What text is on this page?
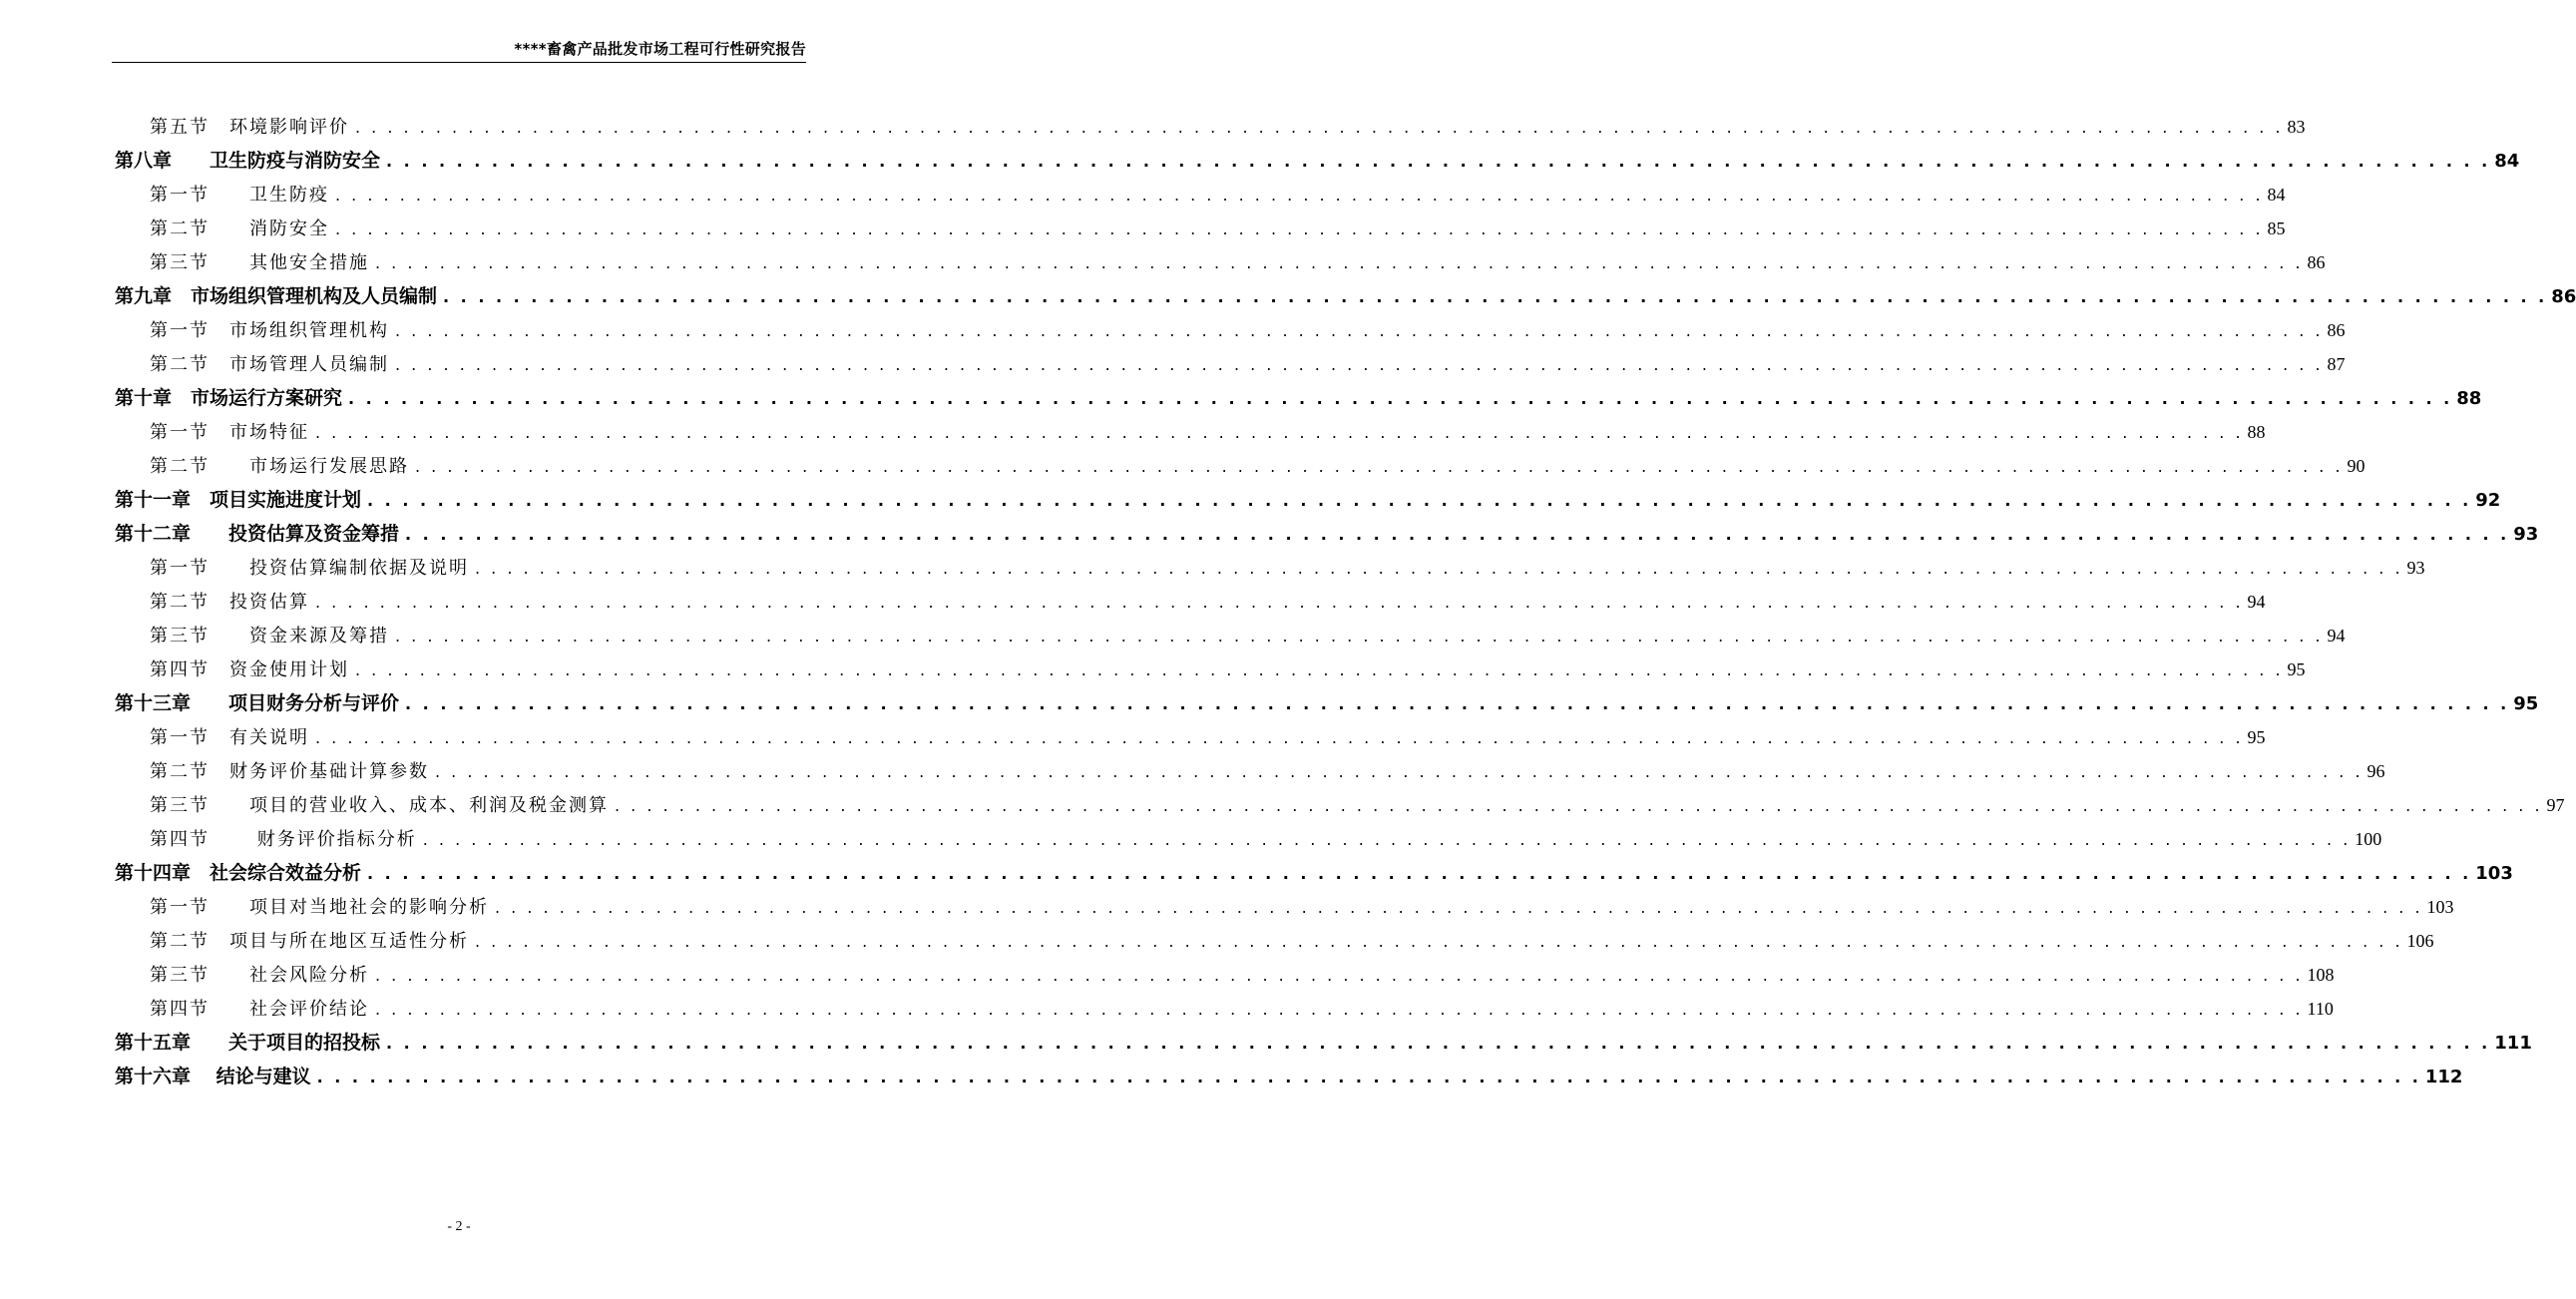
****畜禽产品批发市场工程可行性研究报告
第五节　环境影响评价 . . . . . . . . . . . . . . . . . . . . . . . . . . . . . . . . . . . . . . . . . . . . . . . . . . . . . . . . . . . . . . . . . . . . . . . . . . . . . . . . . . . . . . . . . . . . . . . . . . . . . . . . . . . . . . . . . . . . . . . . 83
第八章　　卫生防疫与消防安全 . . . . . . . . . . . . . . . . . . . . . . . . . . . . . . . . . . . . . . . . . . . . . . . . . . . . . . . . . . . . . . . . . . . . . . . . . . . . . . . . . . . . . . . . . . . . . . . . . . . . . . . . . . . . . . . . . . . . . . . . 84
第一节　　卫生防疫 . . . . . . . . . . . . . . . . . . . . . . . . . . . . . . . . . . . . . . . . . . . . . . . . . . . . . . . . . . . . . . . . . . . . . . . . . . . . . . . . . . . . . . . . . . . . . . . . . . . . . . . . . . . . . . . . . . . . . . . . 84
第二节　　消防安全 . . . . . . . . . . . . . . . . . . . . . . . . . . . . . . . . . . . . . . . . . . . . . . . . . . . . . . . . . . . . . . . . . . . . . . . . . . . . . . . . . . . . . . . . . . . . . . . . . . . . . . . . . . . . . . . . . . . . . . . . 85
第三节　　其他安全措施 . . . . . . . . . . . . . . . . . . . . . . . . . . . . . . . . . . . . . . . . . . . . . . . . . . . . . . . . . . . . . . . . . . . . . . . . . . . . . . . . . . . . . . . . . . . . . . . . . . . . . . . . . . . . . . . . . . . . . . . . 86
第九章　市场组织管理机构及人员编制 . . . . . . . . . . . . . . . . . . . . . . . . . . . . . . . . . . . . . . . . . . . . . . . . . . . . . . . . . . . . . . . . . . . . . . . . . . . . . . . . . . . . . . . . . . . . . . . . . . . . . . . . . . . . . . . . . . . . . . . . 86
第一节　市场组织管理机构 . . . . . . . . . . . . . . . . . . . . . . . . . . . . . . . . . . . . . . . . . . . . . . . . . . . . . . . . . . . . . . . . . . . . . . . . . . . . . . . . . . . . . . . . . . . . . . . . . . . . . . . . . . . . . . . . . . . . . . . . 86
第二节　市场管理人员编制 . . . . . . . . . . . . . . . . . . . . . . . . . . . . . . . . . . . . . . . . . . . . . . . . . . . . . . . . . . . . . . . . . . . . . . . . . . . . . . . . . . . . . . . . . . . . . . . . . . . . . . . . . . . . . . . . . . . . . . . . 87
第十章　市场运行方案研究 . . . . . . . . . . . . . . . . . . . . . . . . . . . . . . . . . . . . . . . . . . . . . . . . . . . . . . . . . . . . . . . . . . . . . . . . . . . . . . . . . . . . . . . . . . . . . . . . . . . . . . . . . . . . . . . . . . . . . . . . 88
第一节　市场特征 . . . . . . . . . . . . . . . . . . . . . . . . . . . . . . . . . . . . . . . . . . . . . . . . . . . . . . . . . . . . . . . . . . . . . . . . . . . . . . . . . . . . . . . . . . . . . . . . . . . . . . . . . . . . . . . . . . . . . . . . 88
第二节　　市场运行发展思路 . . . . . . . . . . . . . . . . . . . . . . . . . . . . . . . . . . . . . . . . . . . . . . . . . . . . . . . . . . . . . . . . . . . . . . . . . . . . . . . . . . . . . . . . . . . . . . . . . . . . . . . . . . . . . . . . . . . . . . . . 90
第十一章　项目实施进度计划 . . . . . . . . . . . . . . . . . . . . . . . . . . . . . . . . . . . . . . . . . . . . . . . . . . . . . . . . . . . . . . . . . . . . . . . . . . . . . . . . . . . . . . . . . . . . . . . . . . . . . . . . . . . . . . . . . . . . . . . . 92
第十二章　　投资估算及资金筹措 . . . . . . . . . . . . . . . . . . . . . . . . . . . . . . . . . . . . . . . . . . . . . . . . . . . . . . . . . . . . . . . . . . . . . . . . . . . . . . . . . . . . . . . . . . . . . . . . . . . . . . . . . . . . . . . . . . . . . . . . 93
第一节　　投资估算编制依据及说明 . . . . . . . . . . . . . . . . . . . . . . . . . . . . . . . . . . . . . . . . . . . . . . . . . . . . . . . . . . . . . . . . . . . . . . . . . . . . . . . . . . . . . . . . . . . . . . . . . . . . . . . . . . . . . . . . . . . . . . . . 93
第二节　投资估算 . . . . . . . . . . . . . . . . . . . . . . . . . . . . . . . . . . . . . . . . . . . . . . . . . . . . . . . . . . . . . . . . . . . . . . . . . . . . . . . . . . . . . . . . . . . . . . . . . . . . . . . . . . . . . . . . . . . . . . . . 94
第三节　　资金来源及筹措 . . . . . . . . . . . . . . . . . . . . . . . . . . . . . . . . . . . . . . . . . . . . . . . . . . . . . . . . . . . . . . . . . . . . . . . . . . . . . . . . . . . . . . . . . . . . . . . . . . . . . . . . . . . . . . . . . . . . . . . . 94
第四节　资金使用计划 . . . . . . . . . . . . . . . . . . . . . . . . . . . . . . . . . . . . . . . . . . . . . . . . . . . . . . . . . . . . . . . . . . . . . . . . . . . . . . . . . . . . . . . . . . . . . . . . . . . . . . . . . . . . . . . . . . . . . . . . 95
第十三章　　项目财务分析与评价 . . . . . . . . . . . . . . . . . . . . . . . . . . . . . . . . . . . . . . . . . . . . . . . . . . . . . . . . . . . . . . . . . . . . . . . . . . . . . . . . . . . . . . . . . . . . . . . . . . . . . . . . . . . . . . . . . . . . . . . . 95
第一节　有关说明 . . . . . . . . . . . . . . . . . . . . . . . . . . . . . . . . . . . . . . . . . . . . . . . . . . . . . . . . . . . . . . . . . . . . . . . . . . . . . . . . . . . . . . . . . . . . . . . . . . . . . . . . . . . . . . . . . . . . . . . . 95
第二节　财务评价基础计算参数 . . . . . . . . . . . . . . . . . . . . . . . . . . . . . . . . . . . . . . . . . . . . . . . . . . . . . . . . . . . . . . . . . . . . . . . . . . . . . . . . . . . . . . . . . . . . . . . . . . . . . . . . . . . . . . . . . . . . . . . . 96
第三节　　项目的营业收入、成本、利润及税金测算 . . . . . . . . . . . . . . . . . . . . . . . . . . . . . . . . . . . . . . . . . . . . . . . . . . . . . . . . . . . . . . . . . . . . . . . . . . . . . . . . . . . . . . . . . . . . . . . . . . . . . . . . . . . . . . . . . . . . . . . . 97
第四节　　 财务评价指标分析 . . . . . . . . . . . . . . . . . . . . . . . . . . . . . . . . . . . . . . . . . . . . . . . . . . . . . . . . . . . . . . . . . . . . . . . . . . . . . . . . . . . . . . . . . . . . . . . . . . . . . . . . . . . . . . . . . . . . . . . . 100
第十四章　社会综合效益分析 . . . . . . . . . . . . . . . . . . . . . . . . . . . . . . . . . . . . . . . . . . . . . . . . . . . . . . . . . . . . . . . . . . . . . . . . . . . . . . . . . . . . . . . . . . . . . . . . . . . . . . . . . . . . . . . . . . . . . . . . 103
第一节　　项目对当地社会的影响分析 . . . . . . . . . . . . . . . . . . . . . . . . . . . . . . . . . . . . . . . . . . . . . . . . . . . . . . . . . . . . . . . . . . . . . . . . . . . . . . . . . . . . . . . . . . . . . . . . . . . . . . . . . . . . . . . . . . . . . . . . 103
第二节　项目与所在地区互适性分析 . . . . . . . . . . . . . . . . . . . . . . . . . . . . . . . . . . . . . . . . . . . . . . . . . . . . . . . . . . . . . . . . . . . . . . . . . . . . . . . . . . . . . . . . . . . . . . . . . . . . . . . . . . . . . . . . . . . . . . . . 106
第三节　　社会风险分析 . . . . . . . . . . . . . . . . . . . . . . . . . . . . . . . . . . . . . . . . . . . . . . . . . . . . . . . . . . . . . . . . . . . . . . . . . . . . . . . . . . . . . . . . . . . . . . . . . . . . . . . . . . . . . . . . . . . . . . . . 108
第四节　　社会评价结论 . . . . . . . . . . . . . . . . . . . . . . . . . . . . . . . . . . . . . . . . . . . . . . . . . . . . . . . . . . . . . . . . . . . . . . . . . . . . . . . . . . . . . . . . . . . . . . . . . . . . . . . . . . . . . . . . . . . . . . . . 110
第十五章　　关于项目的招投标 . . . . . . . . . . . . . . . . . . . . . . . . . . . . . . . . . . . . . . . . . . . . . . . . . . . . . . . . . . . . . . . . . . . . . . . . . . . . . . . . . . . . . . . . . . . . . . . . . . . . . . . . . . . . . . . . . . . . . . . . 111
第十六章　 结论与建议 . . . . . . . . . . . . . . . . . . . . . . . . . . . . . . . . . . . . . . . . . . . . . . . . . . . . . . . . . . . . . . . . . . . . . . . . . . . . . . . . . . . . . . . . . . . . . . . . . . . . . . . . . . . . . . . . . . . . . . . . 112
- 2 -
